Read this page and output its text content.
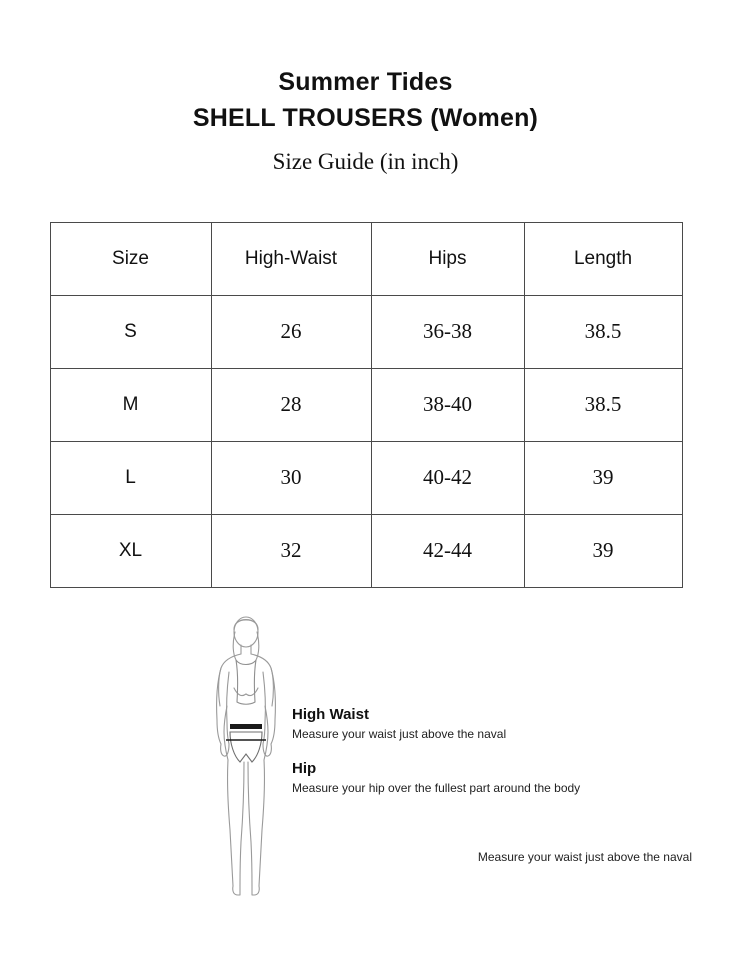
Summer Tides
SHELL TROUSERS (Women)
Size Guide (in inch)
Size	High-Waist	Hips	Length
S	26	36-38	38.5
M	28	38-40	38.5
L	30	40-42	39
XL	32	42-44	39

High Waist

Measure your waist just above the naval

Hip

Measure your hip over the fullest part around the body

Measure your waist just above the naval
